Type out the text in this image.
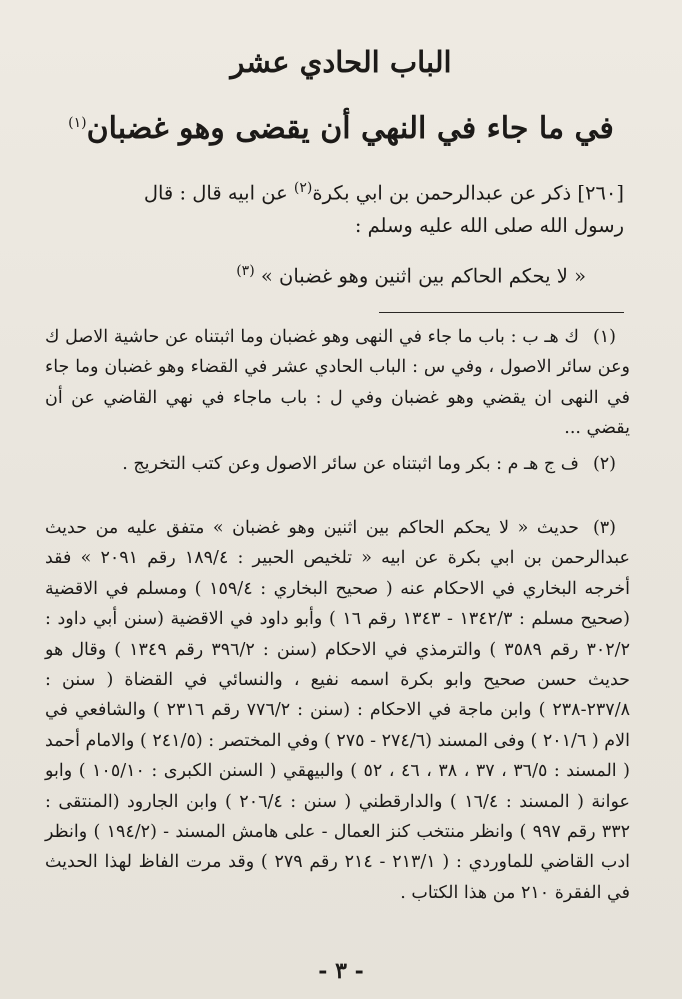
الباب الحادي عشر
في ما جاء في النهي أن يقضى وهو غضبان$^{(١)}$

[٢٦٠] ذكر عن عبدالرحمن بن ابي بكرة$^{(٢)}$ عن ابيه قال : قال

رسول الله صلى الله عليه وسلم :

« لا يحكم الحاكم بين اثنين وهو غضبان » $^{(٣)}$

(١)ك هـ ب : باب ما جاء في النهى وهو غضبان وما اثبتناه عن حاشية الاصل ك وعن سائر الاصول ، وفي س : الباب الحادي عشر في القضاء وهو غضبان وما جاء في النهى ان يقضي وهو غضبان وفي ل : باب ماجاء في نهي القاضي عن أن يقضي ...

(٢)ف ج هـ م : بكر وما اثبتناه عن سائر الاصول وعن كتب التخريج .

(٣)حديث « لا يحكم الحاكم بين اثنين وهو غضبان » متفق عليه من حديث عبدالرحمن بن ابي بكرة عن ابيه « تلخيص الحبير : ١٨٩/٤ رقم ٢٠٩١ » فقد أخرجه البخاري في الاحكام عنه ( صحيح البخاري : ١٥٩/٤ ) ومسلم في الاقضية (صحيح مسلم : ١٣٤٢/٣ - ١٣٤٣ رقم ١٦ ) وأبو داود في الاقضية (سنن أبي داود : ٣٠٢/٢ رقم ٣٥٨٩ ) والترمذي في الاحكام (سنن : ٣٩٦/٢ رقم ١٣٤٩ ) وقال هو حديث حسن صحيح وابو بكرة اسمه نفيع ، والنسائي في القضاة ( سنن : ٢٣٧/٨-٢٣٨ ) وابن ماجة في الاحكام : (سنن : ٧٧٦/٢ رقم ٢٣١٦ ) والشافعي في الام ( ٢٠١/٦ ) وفى المسند (٢٧٤/٦ - ٢٧٥ ) وفي المختصر : (٢٤١/٥ ) والامام أحمد ( المسند : ٣٦/٥ ، ٣٧ ، ٣٨ ، ٤٦ ، ٥٢ ) والبيهقي ( السنن الكبرى : ١٠٥/١٠ ) وابو عوانة ( المسند : ١٦/٤ ) والدارقطني ( سنن : ٢٠٦/٤ ) وابن الجارود (المنتقى : ٣٣٢ رقم ٩٩٧ ) وانظر منتخب كنز العمال - على هامش المسند - (١٩٤/٢ ) وانظر ادب القاضي للماوردي : ( ٢١٣/١ - ٢١٤ رقم ٢٧٩ ) وقد مرت الفاظ لهذا الحديث في الفقرة ٢١٠ من هذا الكتاب .

- ٣ -
